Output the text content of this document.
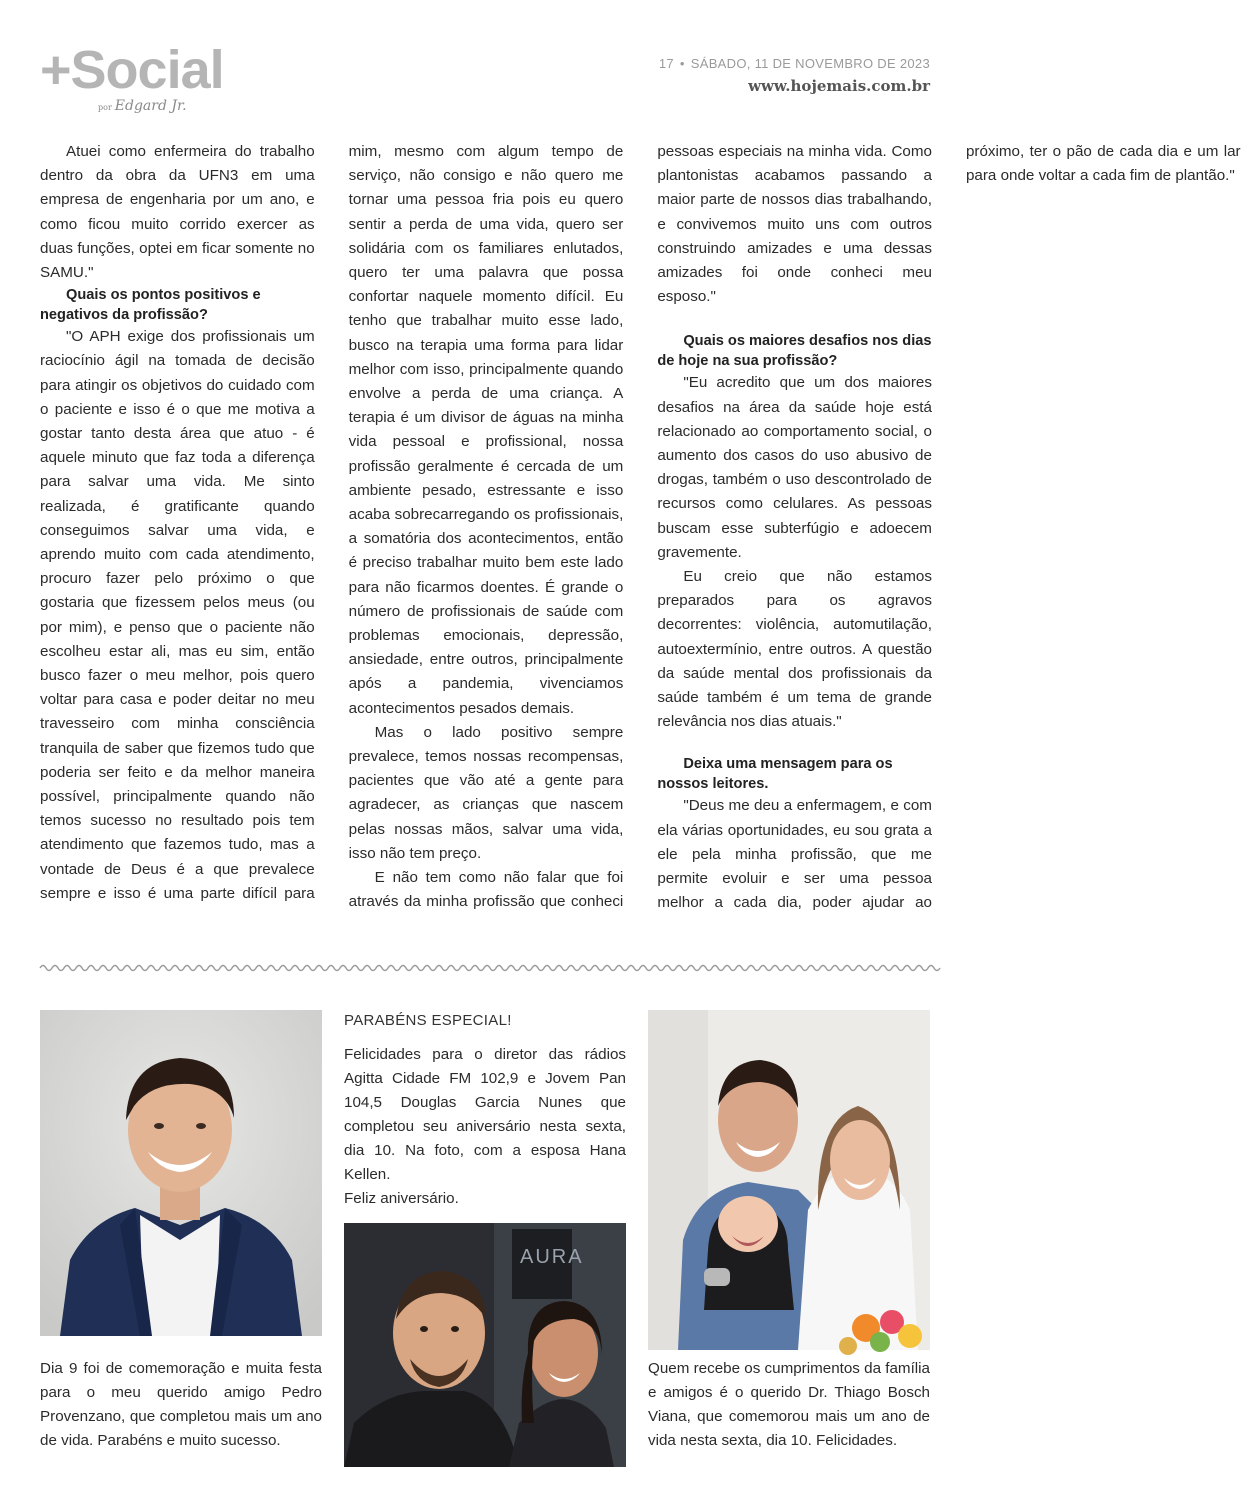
+Social
por Edgard Jr.
17 • SÁBADO, 11 DE NOVEMBRO DE 2023
www.hojemais.com.br

Atuei como enfermeira do trabalho dentro da obra da UFN3 em uma empresa de engenharia por um ano, e como ficou muito corrido exercer as duas funções, optei em ficar somente no SAMU."

Quais os pontos positivos e negativos da profissão?

"O APH exige dos profissionais um raciocínio ágil na tomada de decisão para atingir os objetivos do cuidado com o paciente e isso é o que me motiva a gostar tanto desta área que atuo - é aquele minuto que faz toda a diferença para salvar uma vida. Me sinto realizada, é gratificante quando conseguimos salvar uma vida, e aprendo muito com cada atendimento, procuro fazer pelo próximo o que gostaria que fizessem pelos meus (ou por mim), e penso que o paciente não escolheu estar ali, mas eu sim, então busco fazer o meu melhor, pois quero voltar para casa e poder deitar no meu travesseiro com minha consciência tranquila de saber que fizemos tudo que poderia ser feito e da melhor maneira possível, principalmente quando não temos sucesso no resultado pois tem atendimento que fazemos tudo, mas a vontade de Deus é a que prevalece sempre e isso é uma parte difícil para mim, mesmo com algum tempo de serviço, não consigo e não quero me tornar uma pessoa fria pois eu quero sentir a perda de uma vida, quero ser solidária com os familiares enlutados, quero ter uma palavra que possa confortar naquele momento difícil. Eu tenho que trabalhar muito esse lado, busco na terapia uma forma para lidar melhor com isso, principalmente quando envolve a perda de uma criança. A terapia é um divisor de águas na minha vida pessoal e profissional, nossa profissão geralmente é cercada de um ambiente pesado, estressante e isso acaba sobrecarregando os profissionais, a somatória dos acontecimentos, então é preciso trabalhar muito bem este lado para não ficarmos doentes. É grande o número de profissionais de saúde com problemas emocionais, depressão, ansiedade, entre outros, principalmente após a pandemia, vivenciamos acontecimentos pesados demais.

Mas o lado positivo sempre prevalece, temos nossas recompensas, pacientes que vão até a gente para agradecer, as crianças que nascem pelas nossas mãos, salvar uma vida, isso não tem preço.

E não tem como não falar que foi através da minha profissão que conheci pessoas especiais na minha vida. Como plantonistas acabamos passando a maior parte de nossos dias trabalhando, e convivemos muito uns com outros construindo amizades e uma dessas amizades foi onde conheci meu esposo."

Quais os maiores desafios nos dias de hoje na sua profissão?

"Eu acredito que um dos maiores desafios na área da saúde hoje está relacionado ao comportamento social, o aumento dos casos do uso abusivo de drogas, também o uso descontrolado de recursos como celulares. As pessoas buscam esse subterfúgio e adoecem gravemente.

Eu creio que não estamos preparados para os agravos decorrentes: violência, automutilação, autoextermínio, entre outros. A questão da saúde mental dos profissionais da saúde também é um tema de grande relevância nos dias atuais."

Deixa uma mensagem para os nossos leitores.

"Deus me deu a enfermagem, e com ela várias oportunidades, eu sou grata a ele pela minha profissão, que me permite evoluir e ser uma pessoa melhor a cada dia, poder ajudar ao próximo, ter o pão de cada dia e um lar para onde voltar a cada fim de plantão."

PARABÉNS ESPECIAL!
Felicidades para o diretor das rádios Agitta Cidade FM 102,9 e Jovem Pan 104,5 Douglas Garcia Nunes que completou seu aniversário nesta sexta, dia 10. Na foto, com a esposa Hana Kellen.
Feliz aniversário.
AURA
Dia 9 foi de comemoração e muita festa para o meu querido amigo Pedro Provenzano, que completou mais um ano de vida. Parabéns e muito sucesso.
Quem recebe os cumprimentos da família e amigos é o querido Dr. Thiago Bosch Viana, que comemorou mais um ano de vida nesta sexta, dia 10. Felicidades.
